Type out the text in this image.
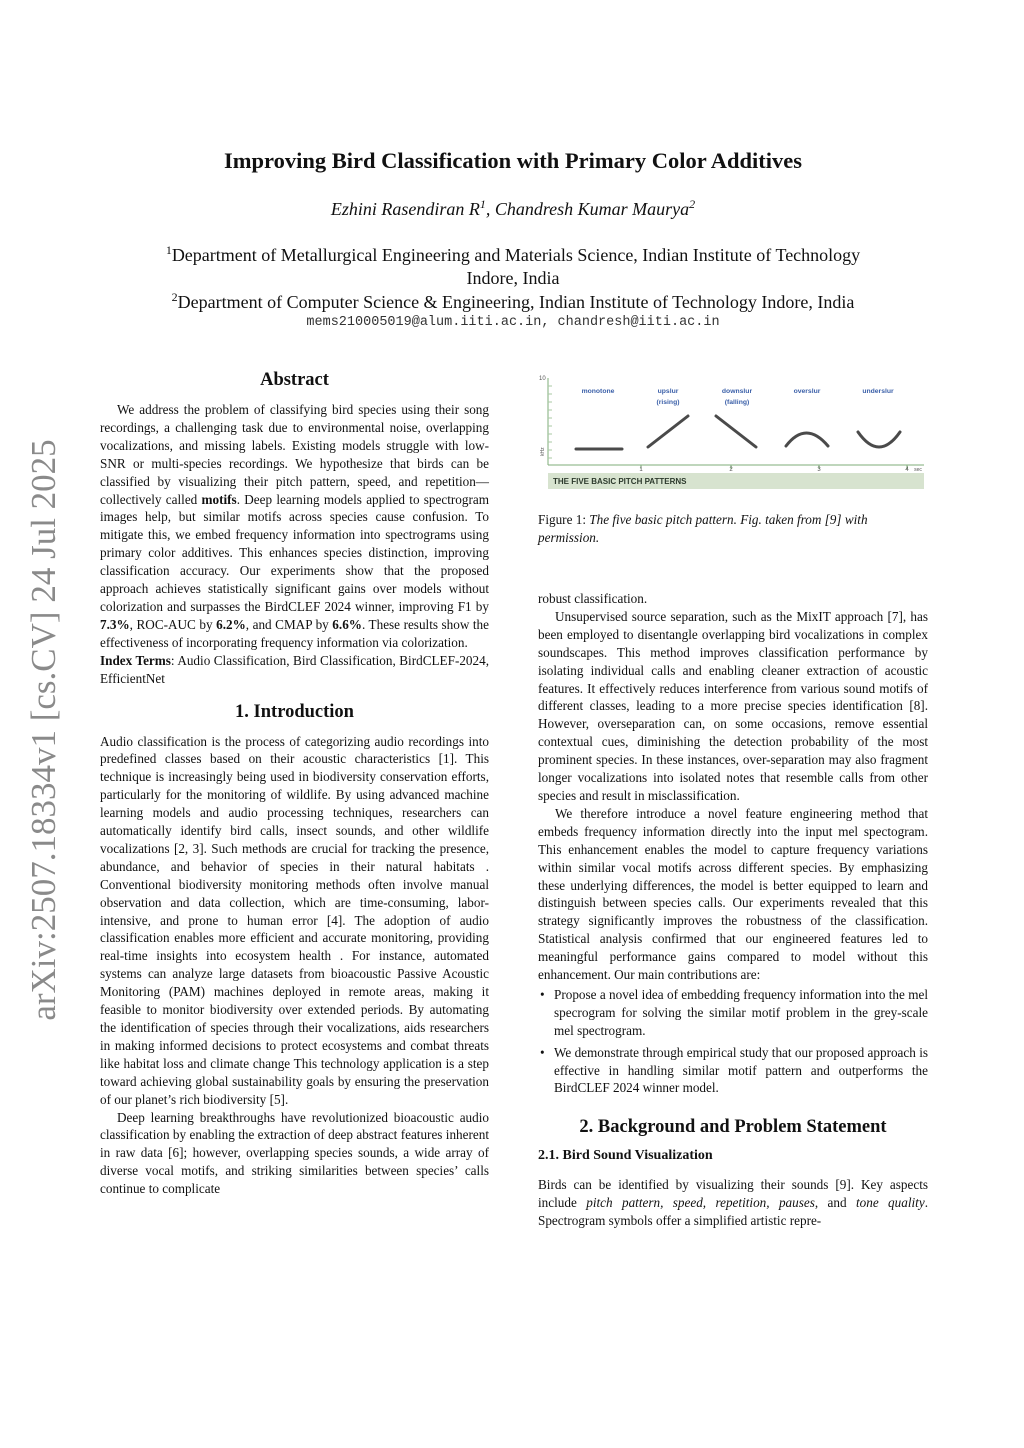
arXiv:2507.18334v1 [cs.CV] 24 Jul 2025
Improving Bird Classification with Primary Color Additives
Ezhini Rasendiran $R^1$, Chandresh Kumar Maurya$^2$
$^1$Department of Metallurgical Engineering and Materials Science, Indian Institute of Technology
Indore, India
$^2$Department of Computer Science & Engineering, Indian Institute of Technology Indore, India
mems210005019@alum.iiti.ac.in, chandresh@iiti.ac.in
Abstract

We address the problem of classifying bird species using their song recordings, a challenging task due to environmental noise, overlapping vocalizations, and missing labels. Existing models struggle with low-SNR or multi-species recordings. We hypothesize that birds can be classified by visualizing their pitch pattern, speed, and repetition—collectively called motifs. Deep learning models applied to spectrogram images help, but similar motifs across species cause confusion. To mitigate this, we embed frequency information into spectrograms using primary color additives. This enhances species distinction, improving classification accuracy. Our experiments show that the proposed approach achieves statistically significant gains over models without colorization and surpasses the BirdCLEF 2024 winner, improving F1 by 7.3%, ROC-AUC by 6.2%, and CMAP by 6.6%. These results show the effectiveness of incorporating frequency information via colorization.

Index Terms: Audio Classification, Bird Classification, BirdCLEF-2024, EfficientNet

1. Introduction

Audio classification is the process of categorizing audio recordings into predefined classes based on their acoustic characteristics [1]. This technique is increasingly being used in biodiversity conservation efforts, particularly for the monitoring of wildlife. By using advanced machine learning models and audio processing techniques, researchers can automatically identify bird calls, insect sounds, and other wildlife vocalizations [2, 3]. Such methods are crucial for tracking the presence, abundance, and behavior of species in their natural habitats . Conventional biodiversity monitoring methods often involve manual observation and data collection, which are time-consuming, labor-intensive, and prone to human error [4]. The adoption of audio classification enables more efficient and accurate monitoring, providing real-time insights into ecosystem health . For instance, automated systems can analyze large datasets from bioacoustic Passive Acoustic Monitoring (PAM) machines deployed in remote areas, making it feasible to monitor biodiversity over extended periods. By automating the identification of species through their vocalizations, aids researchers in making informed decisions to protect ecosystems and combat threats like habitat loss and climate change This technology application is a step toward achieving global sustainability goals by ensuring the preservation of our planet’s rich biodiversity [5].

Deep learning breakthroughs have revolutionized bioacoustic audio classification by enabling the extraction of deep abstract features inherent in raw data [6]; however, overlapping species sounds, a wide array of diverse vocal motifs, and striking similarities between species’ calls continue to complicate

10
kHz
monotone	upslur
(rising)
downslur
(falling)
overslur	underslur
1	2	3	4 sec
THE FIVE BASIC PITCH PATTERNS
Figure 1: The five basic pitch pattern. Fig. taken from [9] with permission.

robust classification.

Unsupervised source separation, such as the MixIT approach [7], has been employed to disentangle overlapping bird vocalizations in complex soundscapes. This method improves classification performance by isolating individual calls and enabling cleaner extraction of acoustic features. It effectively reduces interference from various sound motifs of different classes, leading to a more precise species identification [8]. However, overseparation can, on some occasions, remove essential contextual cues, diminishing the detection probability of the most prominent species. In these instances, over-separation may also fragment longer vocalizations into isolated notes that resemble calls from other species and result in misclassification.

We therefore introduce a novel feature engineering method that embeds frequency information directly into the input mel spectogram. This enhancement enables the model to capture frequency variations within similar vocal motifs across different species. By emphasizing these underlying differences, the model is better equipped to learn and distinguish between species calls. Our experiments revealed that this strategy significantly improves the robustness of the classification. Statistical analysis confirmed that our engineered features led to meaningful performance gains compared to model without this enhancement. Our main contributions are:

• Propose a novel idea of embedding frequency information into the mel specrogram for solving the similar motif problem in the grey-scale mel spectrogram.
• We demonstrate through empirical study that our proposed approach is effective in handling similar motif pattern and outperforms the BirdCLEF 2024 winner model.
2. Background and Problem Statement
2.1. Bird Sound Visualization

Birds can be identified by visualizing their sounds [9]. Key aspects include pitch pattern, speed, repetition, pauses, and tone quality. Spectrogram symbols offer a simplified artistic repre-
